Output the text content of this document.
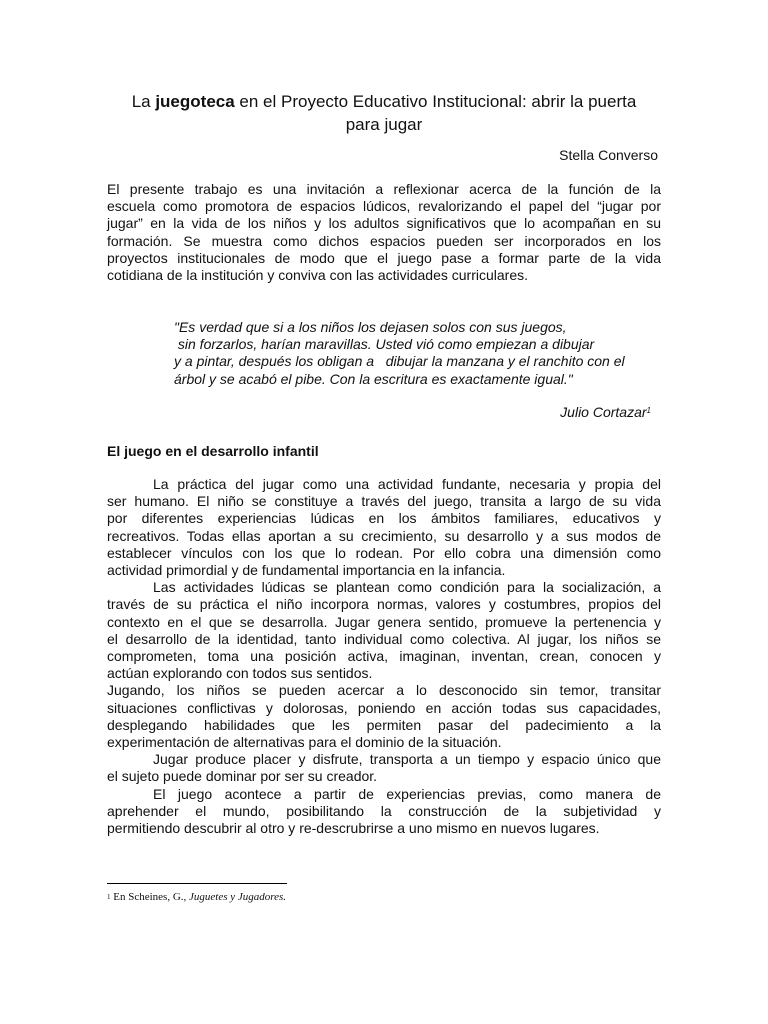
La juegoteca en el Proyecto Educativo Institucional: abrir la puerta
para jugar
Stella Converso
El presente trabajo es una invitación a reflexionar acerca de la función de la
escuela como promotora de espacios lúdicos, revalorizando el papel del “jugar por
jugar” en la vida de los niños y los adultos significativos que lo acompañan en su
formación. Se muestra como dichos espacios pueden ser incorporados en los
proyectos institucionales de modo que el juego pase a formar parte de la vida
cotidiana de la institución y conviva con las actividades curriculares.
"Es verdad que si a los niños los dejasen solos con sus juegos,
sin forzarlos, harían maravillas. Usted vió como empiezan a dibujar
y a pintar, después los obligan a   dibujar la manzana y el ranchito con el
árbol y se acabó el pibe. Con la escritura es exactamente igual."
Julio Cortazar$^1$
El juego en el desarrollo infantil
La práctica del jugar como una actividad fundante, necesaria y propia del
ser humano. El niño se constituye a través del juego, transita a largo de su vida
por diferentes experiencias lúdicas en los ámbitos familiares, educativos y
recreativos. Todas ellas aportan a su crecimiento, su desarrollo y a sus modos de
establecer vínculos con los que lo rodean. Por ello cobra una dimensión como
actividad primordial y de fundamental importancia en la infancia.
Las actividades lúdicas se plantean como condición para la socialización, a
través de su práctica el niño incorpora normas, valores y costumbres, propios del
contexto en el que se desarrolla. Jugar genera sentido, promueve la pertenencia y
el desarrollo de la identidad, tanto individual como colectiva. Al jugar, los niños se
comprometen, toma una posición activa, imaginan, inventan, crean, conocen y
actúan explorando con todos sus sentidos.
Jugando, los niños se pueden acercar a lo desconocido sin temor, transitar
situaciones conflictivas y dolorosas, poniendo en acción todas sus capacidades,
desplegando habilidades que les permiten pasar del padecimiento a la
experimentación de alternativas para el dominio de la situación.
Jugar produce placer y disfrute, transporta a un tiempo y espacio único que
el sujeto puede dominar por ser su creador.
El juego acontece a partir de experiencias previas, como manera de
aprehender el mundo, posibilitando la construcción de la subjetividad y
permitiendo descubrir al otro y re-descrubrirse a uno mismo en nuevos lugares.
$^1$ En Scheines, G., Juguetes y Jugadores.
